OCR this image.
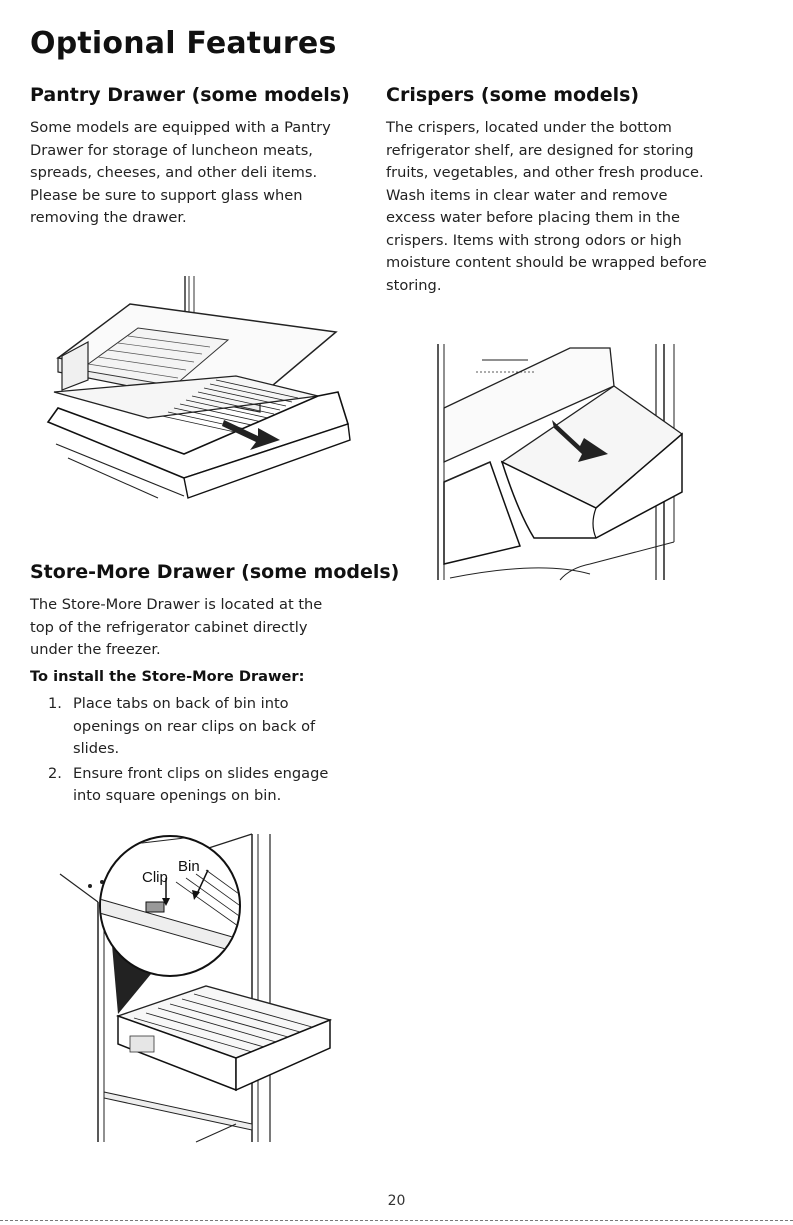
Optional Features
Pantry Drawer (some models)

Some models are equipped with a Pantry Drawer for storage of luncheon meats, spreads, cheeses, and other deli items. Please be sure to support glass when removing the drawer.

Store-More Drawer (some models)

The Store-More Drawer is located at the top of the refrigerator cabinet directly under the freezer.

To install the Store-More Drawer:

1. Place tabs on back of bin into openings on rear clips on back of slides.
2. Ensure front clips on slides engage into square openings on bin.
Bin
Clip
Crispers (some models)

The crispers, located under the bottom refrigerator shelf, are designed for storing fruits, vegetables, and other fresh produce. Wash items in clear water and remove excess water before placing them in the crispers. Items with strong odors or high moisture content should be wrapped before storing.

20
